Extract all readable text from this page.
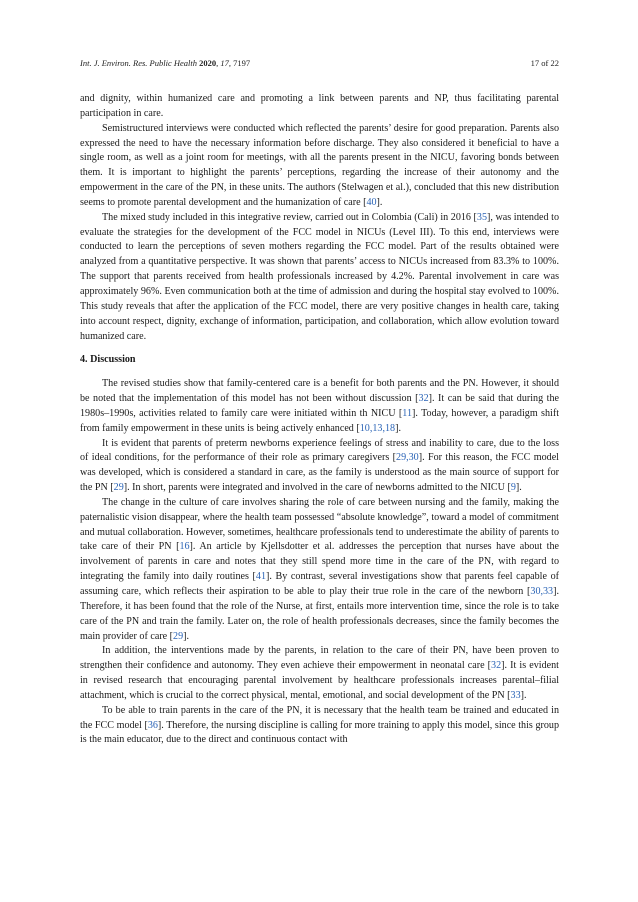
Int. J. Environ. Res. Public Health 2020, 17, 7197	17 of 22

and dignity, within humanized care and promoting a link between parents and NP, thus facilitating parental participation in care.

Semistructured interviews were conducted which reflected the parents’ desire for good preparation. Parents also expressed the need to have the necessary information before discharge. They also considered it beneficial to have a single room, as well as a joint room for meetings, with all the parents present in the NICU, favoring bonds between them. It is important to highlight the parents’ perceptions, regarding the increase of their autonomy and the empowerment in the care of the PN, in these units. The authors (Stelwagen et al.), concluded that this new distribution seems to promote parental development and the humanization of care [40].

The mixed study included in this integrative review, carried out in Colombia (Cali) in 2016 [35], was intended to evaluate the strategies for the development of the FCC model in NICUs (Level III). To this end, interviews were conducted to learn the perceptions of seven mothers regarding the FCC model. Part of the results obtained were analyzed from a quantitative perspective. It was shown that parents’ access to NICUs increased from 83.3% to 100%. The support that parents received from health professionals increased by 4.2%. Parental involvement in care was approximately 96%. Even communication both at the time of admission and during the hospital stay evolved to 100%. This study reveals that after the application of the FCC model, there are very positive changes in health care, taking into account respect, dignity, exchange of information, participation, and collaboration, which allow evolution toward humanized care.

4. Discussion

The revised studies show that family-centered care is a benefit for both parents and the PN. However, it should be noted that the implementation of this model has not been without discussion [32]. It can be said that during the 1980s–1990s, activities related to family care were initiated within th NICU [11]. Today, however, a paradigm shift from family empowerment in these units is being actively enhanced [10,13,18].

It is evident that parents of preterm newborns experience feelings of stress and inability to care, due to the loss of ideal conditions, for the performance of their role as primary caregivers [29,30]. For this reason, the FCC model was developed, which is considered a standard in care, as the family is understood as the main source of support for the PN [29]. In short, parents were integrated and involved in the care of newborns admitted to the NICU [9].

The change in the culture of care involves sharing the role of care between nursing and the family, making the paternalistic vision disappear, where the health team possessed “absolute knowledge”, toward a model of commitment and mutual collaboration. However, sometimes, healthcare professionals tend to underestimate the ability of parents to take care of their PN [16]. An article by Kjellsdotter et al. addresses the perception that nurses have about the involvement of parents in care and notes that they still spend more time in the care of the PN, with regard to integrating the family into daily routines [41]. By contrast, several investigations show that parents feel capable of assuming care, which reflects their aspiration to be able to play their true role in the care of the newborn [30,33]. Therefore, it has been found that the role of the Nurse, at first, entails more intervention time, since the role is to take care of the PN and train the family. Later on, the role of health professionals decreases, since the family becomes the main provider of care [29].

In addition, the interventions made by the parents, in relation to the care of their PN, have been proven to strengthen their confidence and autonomy. They even achieve their empowerment in neonatal care [32]. It is evident in revised research that encouraging parental involvement by healthcare professionals increases parental–filial attachment, which is crucial to the correct physical, mental, emotional, and social development of the PN [33].

To be able to train parents in the care of the PN, it is necessary that the health team be trained and educated in the FCC model [36]. Therefore, the nursing discipline is calling for more training to apply this model, since this group is the main educator, due to the direct and continuous contact with
